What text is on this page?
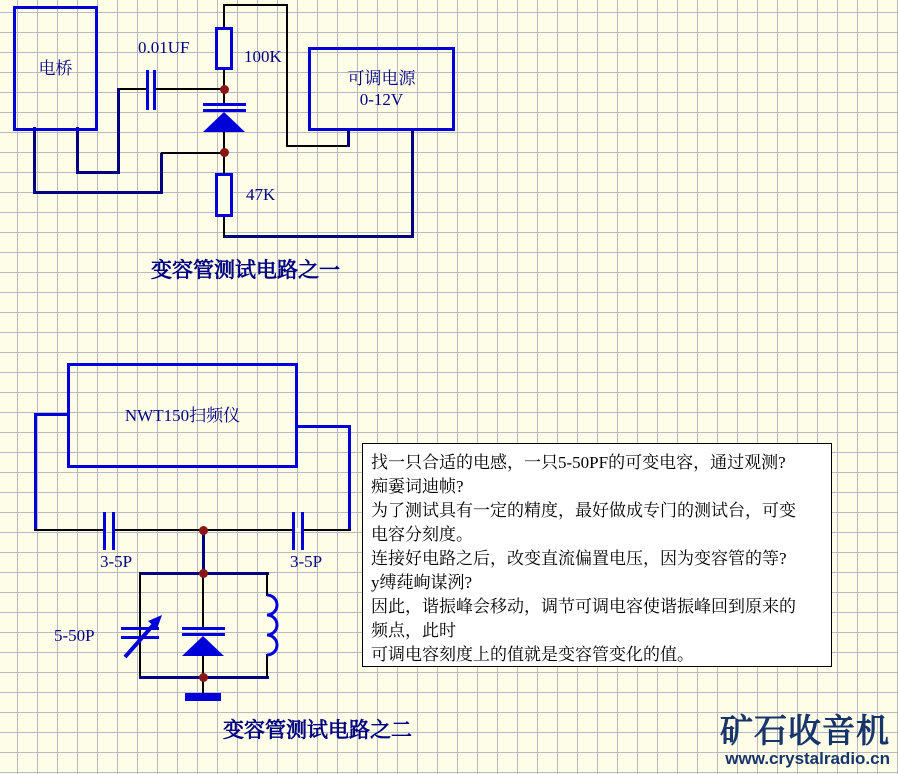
电桥
可调电源
0-12V
0.01UF	100K
47K
变容管测试电路之一
NWT150扫频仪
3-5P	3-5P
5-50P
变容管测试电路之二
找一只合适的电感，一只5-50PF的可变电容，通过观测?
痴嫑词迪帧?
为了测试具有一定的精度，最好做成专门的测试台，可变
电容分刻度。
连接好电路之后，改变直流偏置电压，因为变容管的等?
y缚莼峋谋洌?
因此，谐振峰会移动，调节可调电容使谐振峰回到原来的
频点，此时
可调电容刻度上的值就是变容管变化的值。
矿石收音机
www.crystalradio.cn
